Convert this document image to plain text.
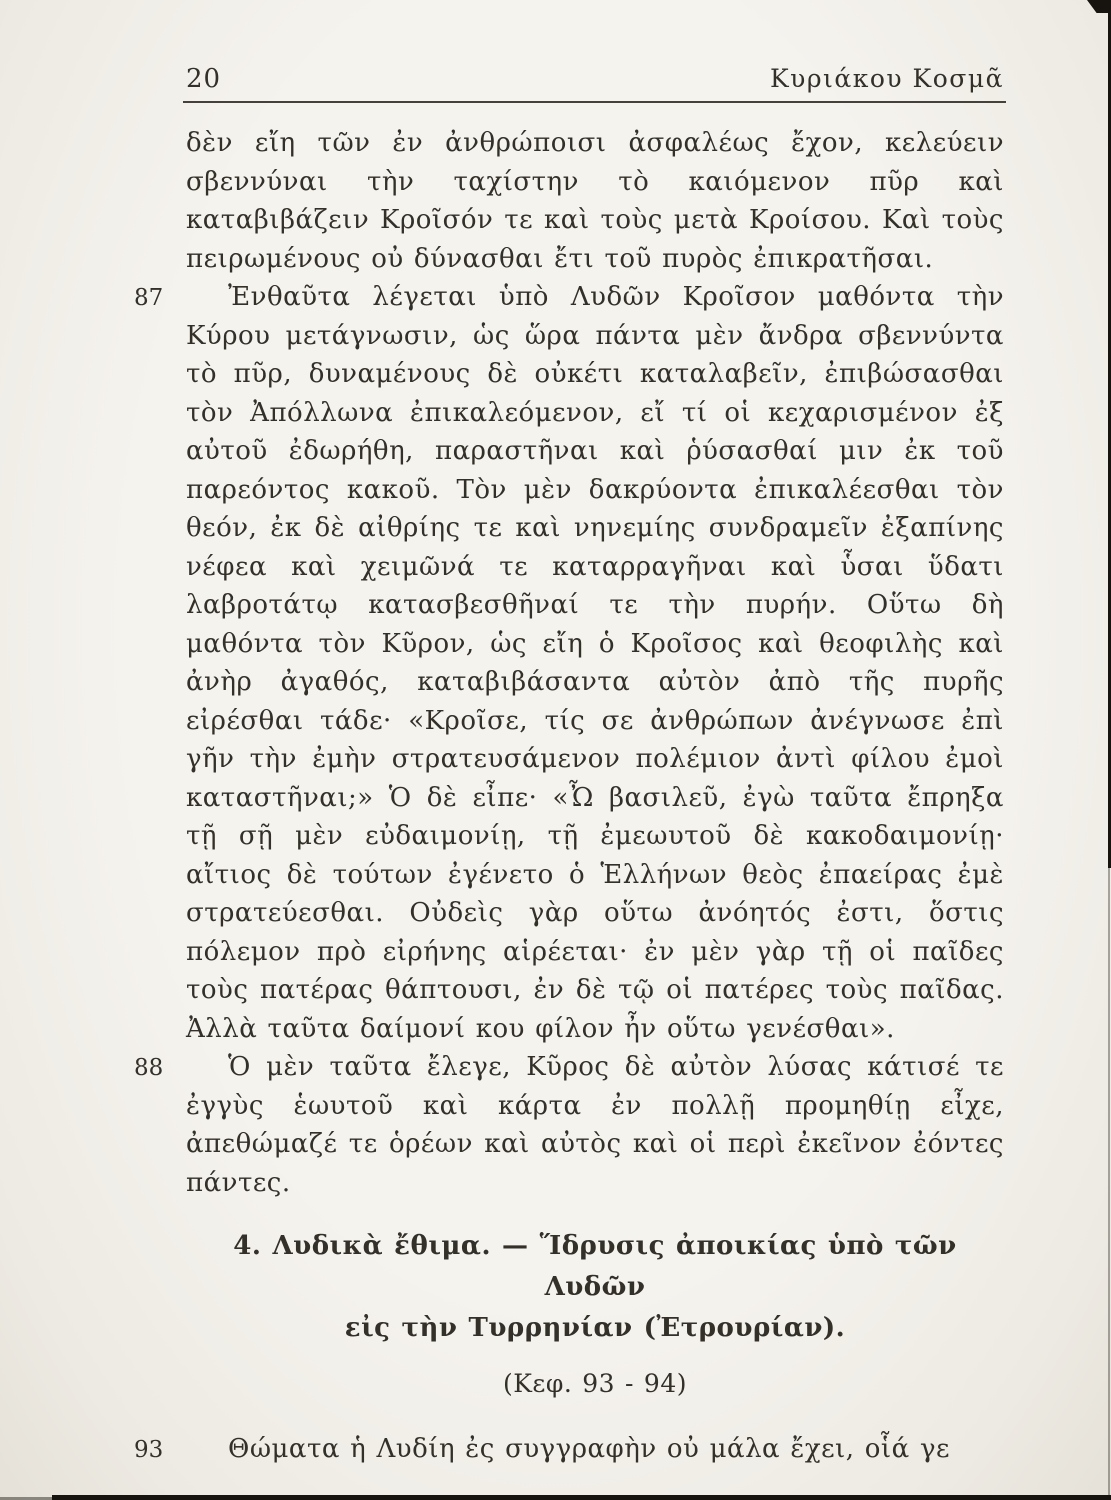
20	Κυριάκου Κοσμᾶ

δὲν εἴη τῶν ἐν ἀνθρώποισι ἀσφαλέως ἔχον, κελεύειν σβεννύναι τὴν ταχίστην τὸ καιόμενον πῦρ καὶ καταβιβάζειν Κροῖσόν τε καὶ τοὺς μετὰ Κροίσου. Καὶ τοὺς πειρωμένους οὐ δύνασθαι ἔτι τοῦ πυρὸς ἐπικρατῆσαι.

87	Ἐνθαῦτα λέγεται ὑπὸ Λυδῶν Κροῖσον μαθόντα τὴν Κύρου μετάγνωσιν, ὡς ὥρα πάντα μὲν ἄνδρα σβεννύντα τὸ πῦρ, δυναμένους δὲ οὐκέτι καταλαβεῖν, ἐπιβώσασθαι τὸν Ἀπόλλωνα ἐπικαλεόμενον, εἴ τί οἱ κεχαρισμένον ἐξ αὐτοῦ ἐδωρήθη, παραστῆναι καὶ ῥύσασθαί μιν ἐκ τοῦ παρεόντος κακοῦ. Τὸν μὲν δακρύοντα ἐπικαλέεσθαι τὸν θεόν, ἐκ δὲ αἰθρίης τε καὶ νηνεμίης συνδραμεῖν ἐξαπίνης νέφεα καὶ χειμῶνά τε καταρραγῆναι καὶ ὗσαι ὕδατι λαβροτάτῳ κατασβεσθῆναί τε τὴν πυρήν. Οὕτω δὴ μαθόντα τὸν Κῦρον, ὡς εἴη ὁ Κροῖσος καὶ θεοφιλὴς καὶ ἀνὴρ ἀγαθός, καταβιβάσαντα αὐτὸν ἀπὸ τῆς πυρῆς εἰρέσθαι τάδε· «Κροῖσε, τίς σε ἀνθρώπων ἀνέγνωσε ἐπὶ γῆν τὴν ἐμὴν στρατευσάμενον πολέμιον ἀντὶ φίλου ἐμοὶ καταστῆναι;» Ὁ δὲ εἶπε· «Ὦ βασιλεῦ, ἐγὼ ταῦτα ἔπρηξα τῇ σῇ μὲν εὐδαιμονίῃ, τῇ ἐμεωυτοῦ δὲ κακοδαιμονίῃ· αἴτιος δὲ τούτων ἐγένετο ὁ Ἑλλήνων θεὸς ἐπαείρας ἐμὲ στρατεύεσθαι. Οὐδεὶς γὰρ οὕτω ἀνόητός ἐστι, ὅστις πόλεμον πρὸ εἰρήνης αἱρέεται· ἐν μὲν γὰρ τῇ οἱ παῖδες τοὺς πατέρας θάπτουσι, ἐν δὲ τῷ οἱ πατέρες τοὺς παῖδας. Ἀλλὰ ταῦτα δαίμονί κου φίλον ἦν οὕτω γενέσθαι».

88	Ὁ μὲν ταῦτα ἔλεγε, Κῦρος δὲ αὐτὸν λύσας κάτισέ τε ἐγγὺς ἑωυτοῦ καὶ κάρτα ἐν πολλῇ προμηθίῃ εἶχε, ἀπεθώμαζέ τε ὁρέων καὶ αὐτὸς καὶ οἱ περὶ ἐκεῖνον ἐόντες πάντες.

4. Λυδικὰ ἔθιμα. — Ἵδρυσις ἀποικίας ὑπὸ τῶν Λυδῶν
εἰς τὴν Τυρρηνίαν (Ἐτρουρίαν).
(Κεφ. 93 - 94)

93	Θώματα ἡ Λυδίη ἐς συγγραφὴν οὐ μάλα ἔχει, οἷά γε
